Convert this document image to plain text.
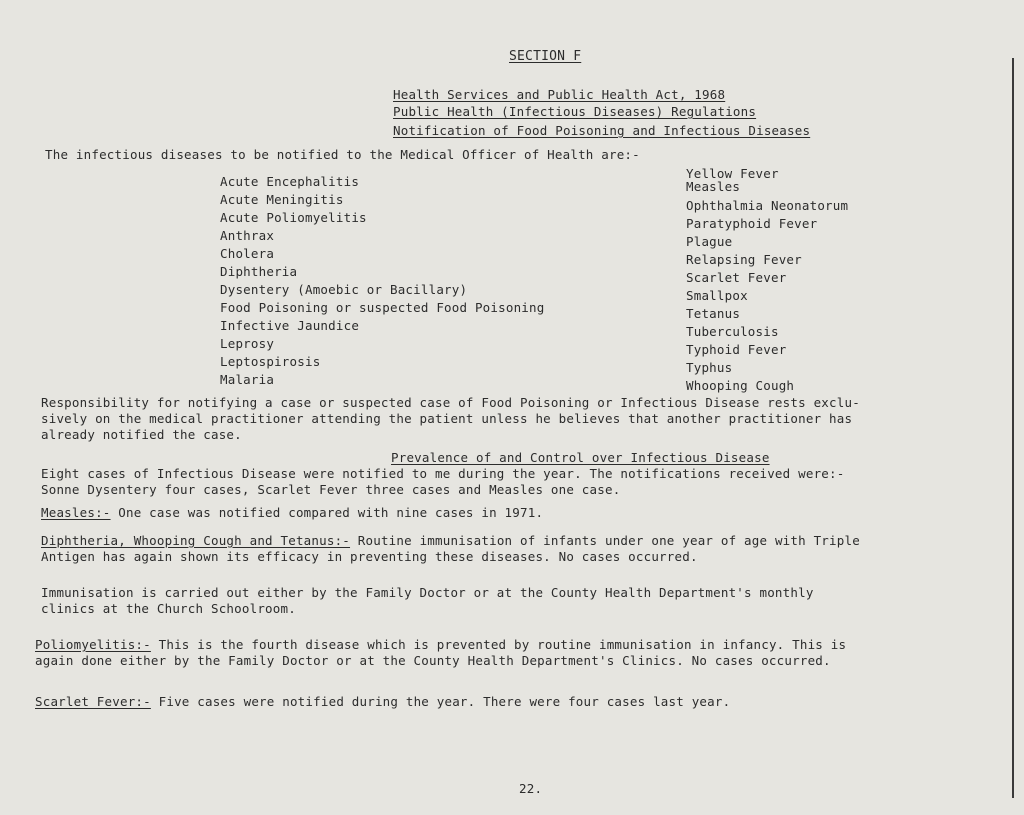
SECTION F
Health Services and Public Health Act, 1968
Public Health (Infectious Diseases) Regulations
Notification of Food Poisoning and Infectious Diseases
The infectious diseases to be notified to the Medical Officer of Health are:-
Acute Encephalitis
Acute Meningitis
Acute Poliomyelitis
Anthrax
Cholera
Diphtheria
Dysentery (Amoebic or Bacillary)
Food Poisoning or suspected Food Poisoning
Infective Jaundice
Leprosy
Leptospirosis
Malaria
Yellow Fever
Measles
Ophthalmia Neonatorum
Paratyphoid Fever
Plague
Relapsing Fever
Scarlet Fever
Smallpox
Tetanus
Tuberculosis
Typhoid Fever
Typhus
Whooping Cough
Responsibility for notifying a case or suspected case of Food Poisoning or Infectious Disease rests exclu-
sively on the medical practitioner attending the patient unless he believes that another practitioner has
already notified the case.
Prevalence of and Control over Infectious Disease
Eight cases of Infectious Disease were notified to me during the year. The notifications received were:-
Sonne Dysentery four cases, Scarlet Fever three cases and Measles one case.
Measles:- One case was notified compared with nine cases in 1971.
Diphtheria, Whooping Cough and Tetanus:- Routine immunisation of infants under one year of age with Triple
Antigen has again shown its efficacy in preventing these diseases. No cases occurred.
Immunisation is carried out either by the Family Doctor or at the County Health Department's monthly
clinics at the Church Schoolroom.
Poliomyelitis:- This is the fourth disease which is prevented by routine immunisation in infancy. This is
again done either by the Family Doctor or at the County Health Department's Clinics. No cases occurred.
Scarlet Fever:- Five cases were notified during the year. There were four cases last year.
22.
